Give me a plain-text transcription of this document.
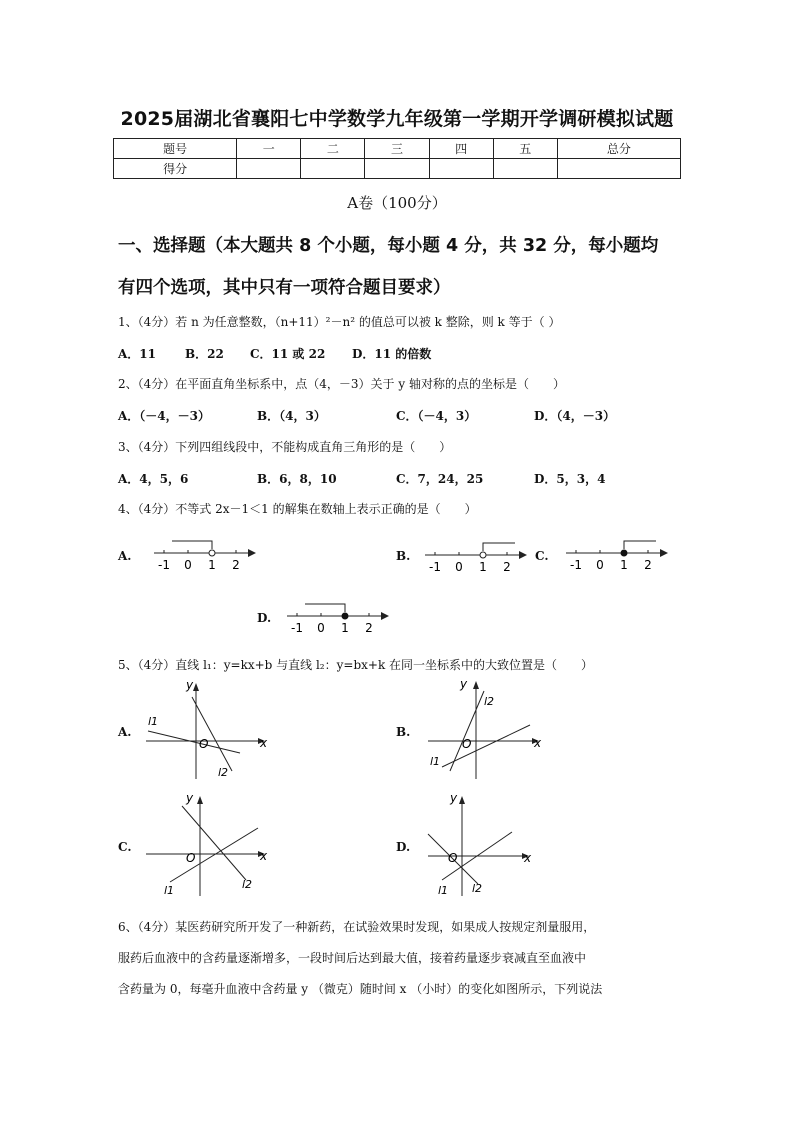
2025届湖北省襄阳七中学数学九年级第一学期开学调研模拟试题
题号	一	二	三	四	五	总分
得分						
A卷（100分）
一、选择题（本大题共 8 个小题，每小题 4 分，共 32 分，每小题均
有四个选项，其中只有一项符合题目要求）
1、（4分）若 n 为任意整数，（n+11）²－n² 的值总可以被 k 整除，则 k 等于（ ）
A．11 B．22 C．11 或 22 D．11 的倍数
2、（4分）在平面直角坐标系中，点（4，－3）关于 y 轴对称的点的坐标是（　　）
A．（－4，－3）	B．（4，3）	C．（－4，3）	D．（4，－3）
3、（4分）下列四组线段中，不能构成直角三角形的是（　　）
A．4，5，6	B．6，8，10	C．7，24，25	D．5，3，4
4、（4分）不等式 2x－1＜1 的解集在数轴上表示正确的是（　　）
A.
-1 0 1 2
B.
-1 0 1 2
C.
-1 0 1 2
D.
-1 0 1 2
5、（4分）直线 l₁：y=kx+b 与直线 l₂：y=bx+k 在同一坐标系中的大致位置是（　　）
A.
y
x
O
l1
l2
B.
y
x
O
l1
l2
C.
y
x
O
l1	l2
D.
y
x
O
l1 l2
6、（4分）某医药研究所开发了一种新药，在试验效果时发现，如果成人按规定剂量服用，
服药后血液中的含药量逐渐增多，一段时间后达到最大值，接着药量逐步衰减直至血液中
含药量为 0，每毫升血液中含药量 y （微克）随时间 x （小时）的变化如图所示，下列说法
